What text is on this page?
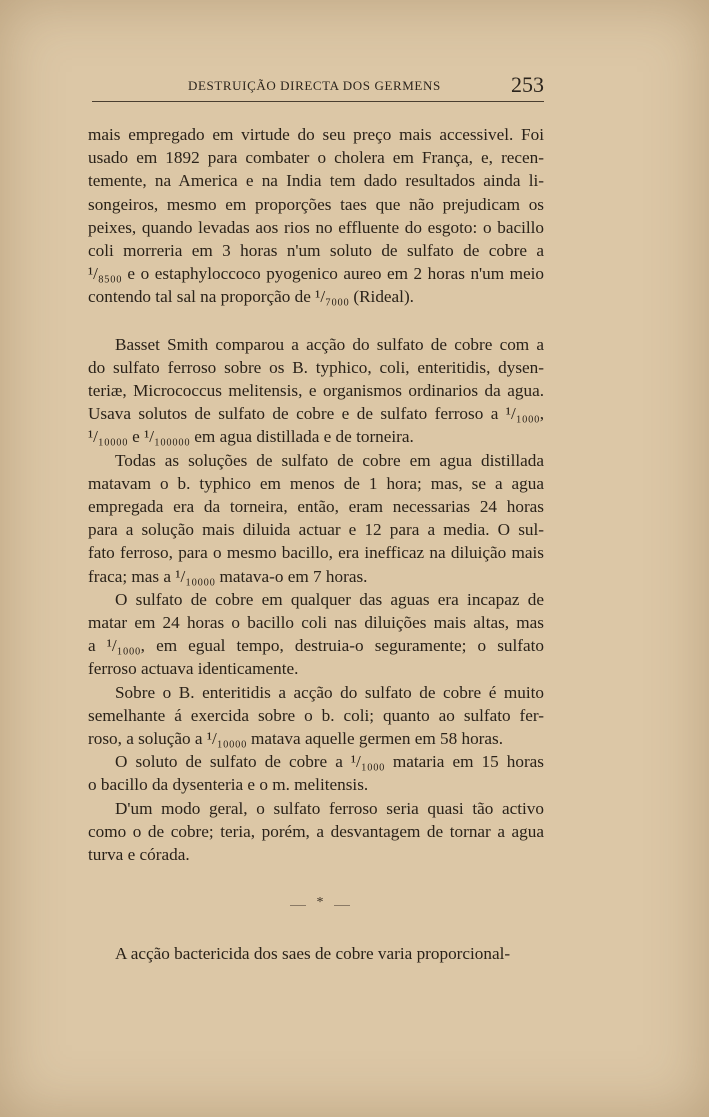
DESTRUIÇÃO DIRECTA DOS GERMENS	253

mais empregado em virtude do seu preço mais accessivel. Foi
usado em 1892 para combater o cholera em França, e, recen-
temente, na America e na India tem dado resultados ainda li-
songeiros, mesmo em proporções taes que não prejudicam os
peixes, quando levadas aos rios no effluente do esgoto: o bacillo
coli morreria em 3 horas n'um soluto de sulfato de cobre a
¹/₈₅₀₀ e o estaphyloccoco pyogenico aureo em 2 horas n'um meio
contendo tal sal na proporção de ¹/₇₀₀₀ (Rideal).

Basset Smith comparou a acção do sulfato de cobre com a
do sulfato ferroso sobre os B. typhico, coli, enteritidis, dysen-
teriæ, Micrococcus melitensis, e organismos ordinarios da agua.
Usava solutos de sulfato de cobre e de sulfato ferroso a ¹/₁₀₀₀,
¹/₁₀₀₀₀ e ¹/₁₀₀₀₀₀ em agua distillada e de torneira.

Todas as soluções de sulfato de cobre em agua distillada
matavam o b. typhico em menos de 1 hora; mas, se a agua
empregada era da torneira, então, eram necessarias 24 horas
para a solução mais diluida actuar e 12 para a media. O sul-
fato ferroso, para o mesmo bacillo, era inefficaz na diluição mais
fraca; mas a ¹/₁₀₀₀₀ matava-o em 7 horas.

O sulfato de cobre em qualquer das aguas era incapaz de
matar em 24 horas o bacillo coli nas diluições mais altas, mas
a ¹/₁₀₀₀, em egual tempo, destruia-o seguramente; o sulfato
ferroso actuava identicamente.

Sobre o B. enteritidis a acção do sulfato de cobre é muito
semelhante á exercida sobre o b. coli; quanto ao sulfato fer-
roso, a solução a ¹/₁₀₀₀₀ matava aquelle germen em 58 horas.

O soluto de sulfato de cobre a ¹/₁₀₀₀ mataria em 15 horas
o bacillo da dysenteria e o m. melitensis.

D'um modo geral, o sulfato ferroso seria quasi tão activo
como o de cobre; teria, porém, a desvantagem de tornar a agua
turva e córada.

*
A acção bactericida dos saes de cobre varia proporcional-
